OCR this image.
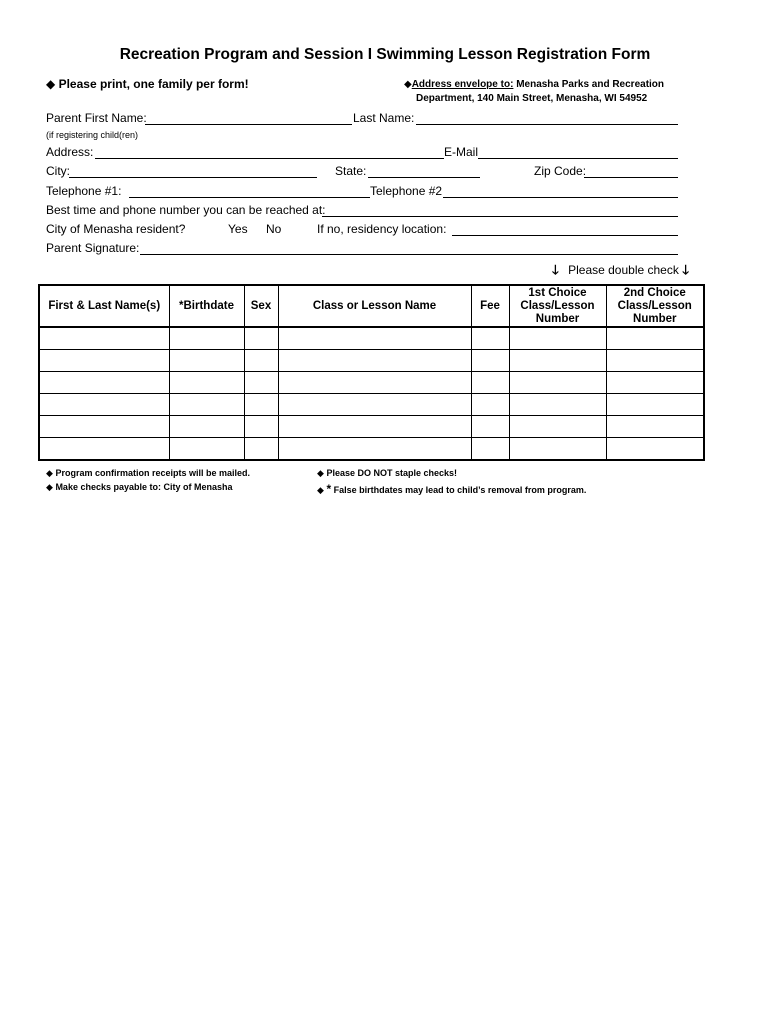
Recreation Program and Session I Swimming Lesson Registration Form
◆ Please print, one family per form!	◆Address envelope to: Menasha Parks and Recreation
Department, 140 Main Street, Menasha, WI 54952
Parent First Name:	Last Name:
(if registering child(ren)
Address:	E-Mail
City:	State:	Zip Code:
Telephone #1:	Telephone #2
Best time and phone number you can be reached at:
City of Menasha resident?	Yes No	If no, residency location:
Parent Signature:
🡓 Please double check 🡓
First & Last Name(s)	*Birthdate	Sex	Class or Lesson Name	Fee	1st Choice Class/Lesson Number	2nd Choice Class/Lesson Number

◆ Program confirmation receipts will be mailed.
◆ Make checks payable to: City of Menasha
◆ Please DO NOT staple checks!
◆ * False birthdates may lead to child’s removal from program.
